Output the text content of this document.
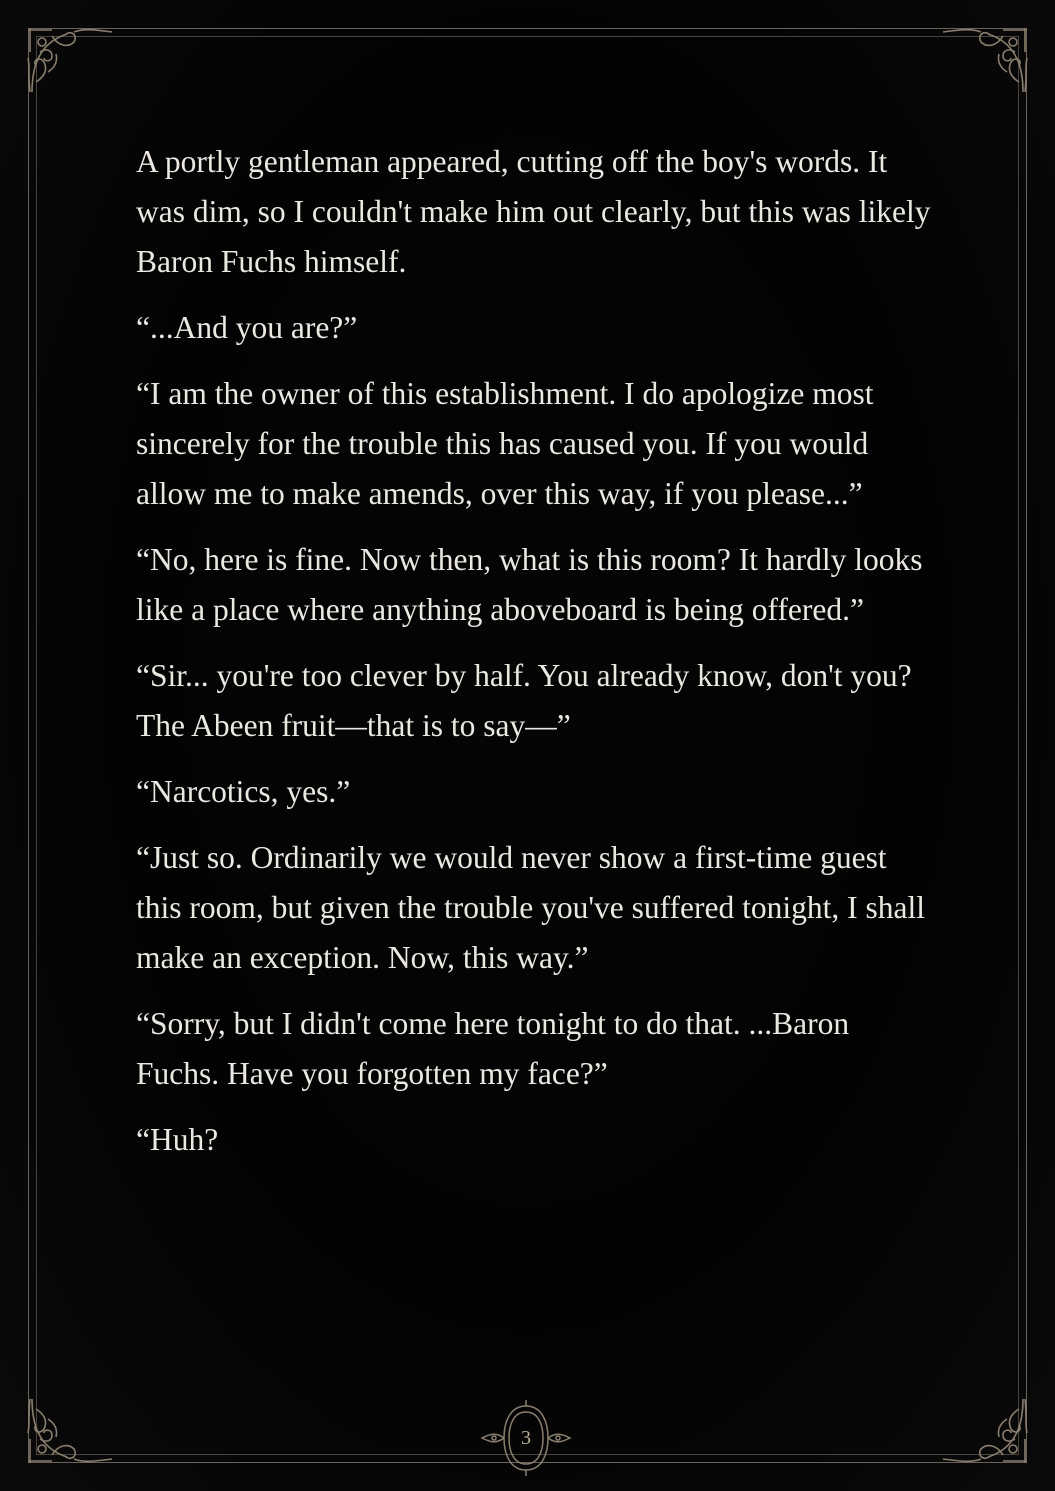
A portly gentleman appeared, cutting off the boy's words. It was dim, so I couldn't make him out clearly, but this was likely Baron Fuchs himself.

“...And you are?”

“I am the owner of this establishment. I do apologize most sincerely for the trouble this has caused you. If you would allow me to make amends, over this way, if you please...”

“No, here is fine. Now then, what is this room? It hardly looks like a place where anything aboveboard is being offered.”

“Sir... you're too clever by half. You already know, don't you? The Abeen fruit—that is to say—”

“Narcotics, yes.”

“Just so. Ordinarily we would never show a first-time guest this room, but given the trouble you've suffered tonight, I shall make an exception. Now, this way.”

“Sorry, but I didn't come here tonight to do that. ...Baron Fuchs. Have you forgotten my face?”

“Huh?

3
